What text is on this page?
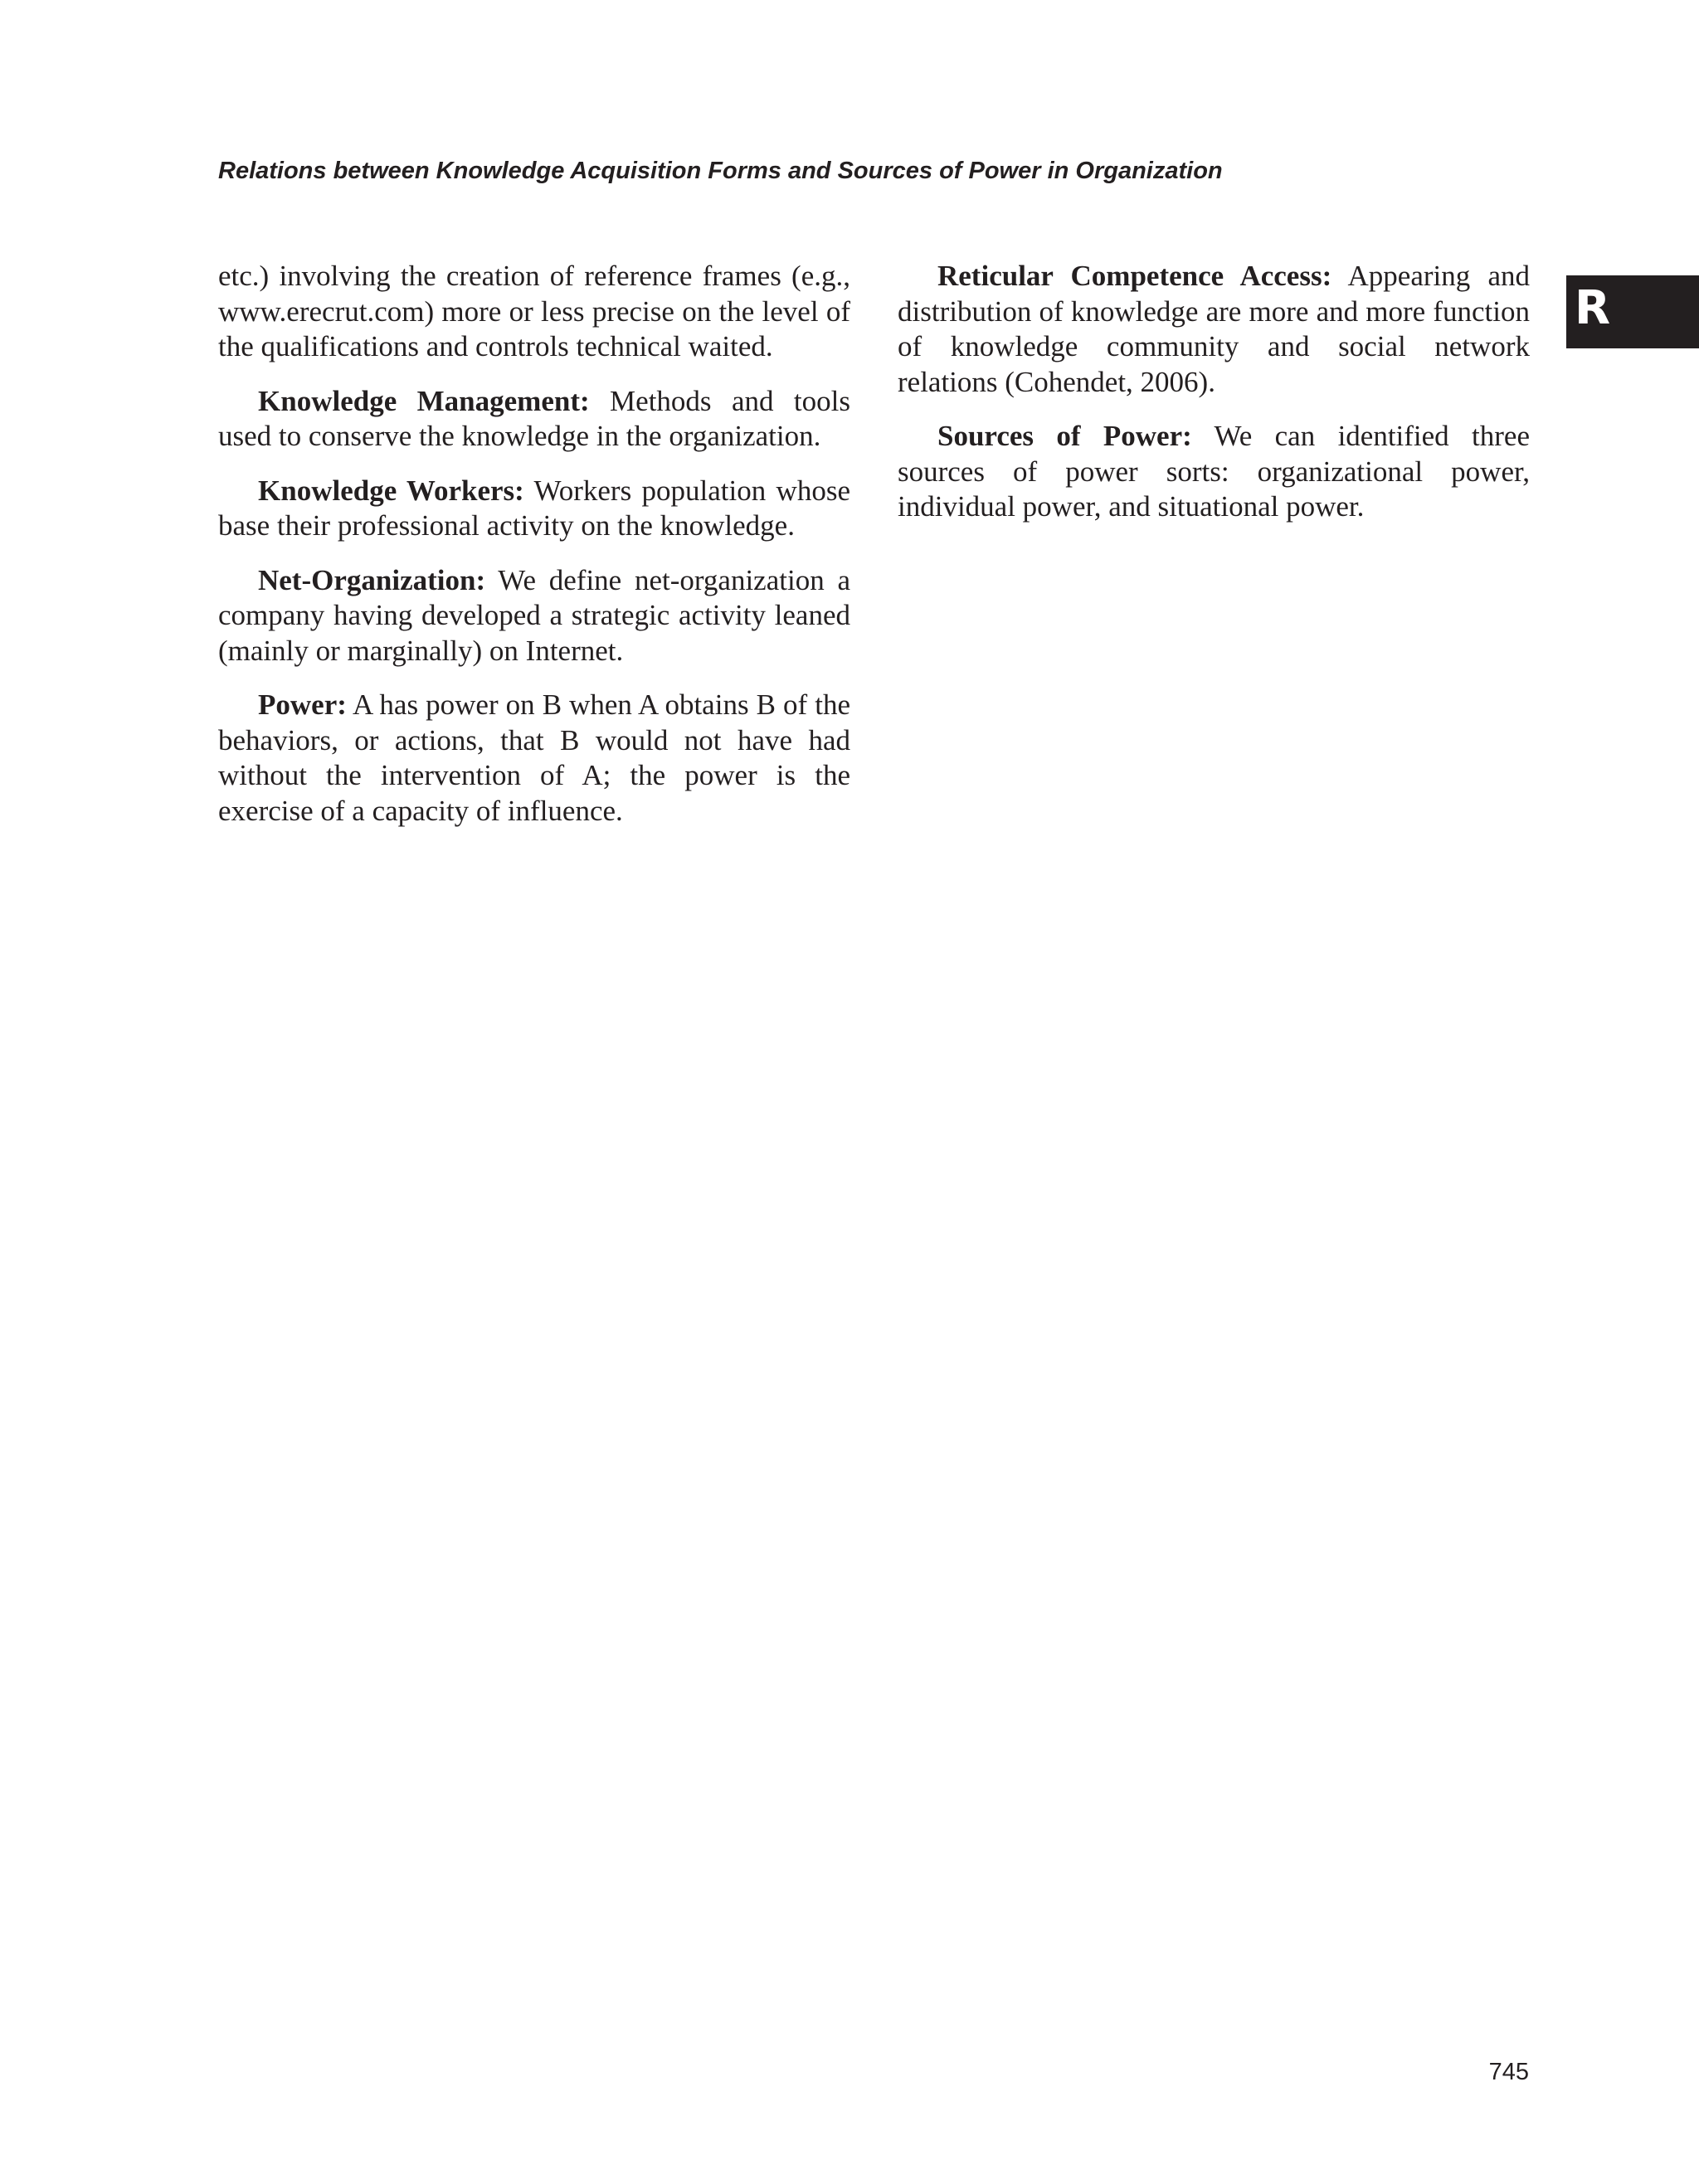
Relations between Knowledge Acquisition Forms and Sources of Power in Organization
R

etc.) involving the creation of reference frames (e.g., www.erecrut.com) more or less precise on the level of the qualifications and controls technical waited.

Knowledge Management: Methods and tools used to conserve the knowledge in the organization.

Knowledge Workers: Workers population whose base their professional activity on the knowledge.

Net-Organization: We define net-organization a company having developed a strategic activity leaned (mainly or marginally) on Internet.

Power: A has power on B when A obtains B of the behaviors, or actions, that B would not have had without the intervention of A; the power is the exercise of a capacity of influence.

Reticular Competence Access: Appearing and distribution of knowledge are more and more function of knowledge community and social network relations (Cohendet, 2006).

Sources of Power: We can identified three sources of power sorts: organizational power, individual power, and situational power.

745
